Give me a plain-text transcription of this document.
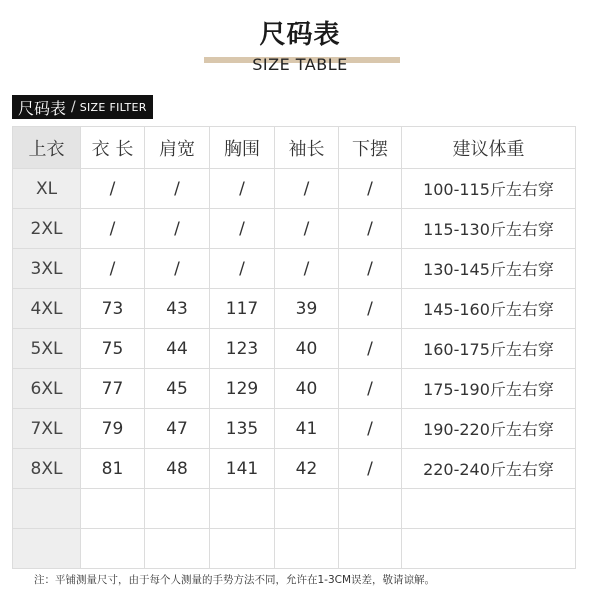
尺码表
SIZE TABLE
尺码表 / SIZE FILTER
上衣	衣 长	肩宽	胸围	袖长	下摆	建议体重
XL	/	/	/	/	/	100-115斤左右穿
2XL	/	/	/	/	/	115-130斤左右穿
3XL	/	/	/	/	/	130-145斤左右穿
4XL	73	43	117	39	/	145-160斤左右穿
5XL	75	44	123	40	/	160-175斤左右穿
6XL	77	45	129	40	/	175-190斤左右穿
7XL	79	47	135	41	/	190-220斤左右穿
8XL	81	48	141	42	/	220-240斤左右穿

注：平铺测量尺寸，由于每个人测量的手势方法不同，允许在1-3CM误差，敬请谅解。
